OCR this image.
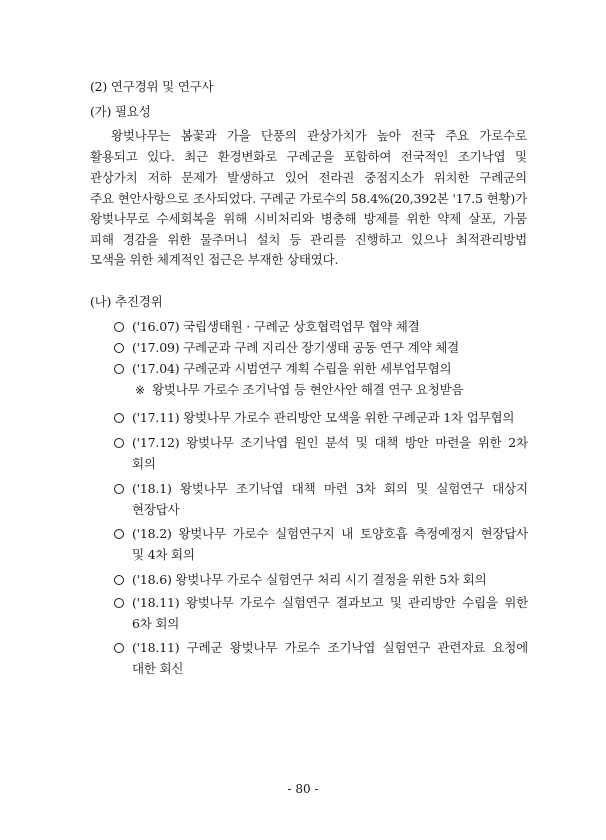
(2) 연구경위 및 연구사
(가) 필요성
왕벚나무는 봄꽃과 가을 단풍의 관상가치가 높아 전국 주요 가로수로
활용되고 있다. 최근 환경변화로 구례군을 포함하여 전국적인 조기낙엽 및
관상가치 저하 문제가 발생하고 있어 전라권 중점지소가 위치한 구례군의
주요 현안사항으로 조사되었다. 구례군 가로수의 58.4%(20,392본 '17.5 현황)가
왕벚나무로 수세회복을 위해 시비처리와 병충해 방제를 위한 약제 살포, 가뭄
피해 경감을 위한 물주머니 설치 등 관리를 진행하고 있으나 최적관리방법
모색을 위한 체계적인 접근은 부재한 상태였다.
(나) 추진경위
('16.07) 국립생태원 · 구례군 상호협력업무 협약 체결
('17.09) 구례군과 구례 지리산 장기생태 공동 연구 계약 체결
('17.04) 구례군과 시범연구 계획 수립을 위한 세부업무협의
※ 왕벚나무 가로수 조기낙엽 등 현안사안 해결 연구 요청받음
('17.11) 왕벚나무 가로수 관리방안 모색을 위한 구례군과 1차 업무협의
('17.12) 왕벚나무 조기낙엽 원인 분석 및 대책 방안 마련을 위한 2차
회의
('18.1) 왕벚나무 조기낙엽 대책 마련 3차 회의 및 실험연구 대상지
현장답사
('18.2) 왕벚나무 가로수 실험연구지 내 토양호흡 측정예정지 현장답사
및 4차 회의
('18.6) 왕벚나무 가로수 실험연구 처리 시기 결정을 위한 5차 회의
('18.11) 왕벚나무 가로수 실험연구 결과보고 및 관리방안 수립을 위한
6차 회의
('18.11) 구례군 왕벚나무 가로수 조기낙엽 실험연구 관련자료 요청에
대한 회신
- 80 -
